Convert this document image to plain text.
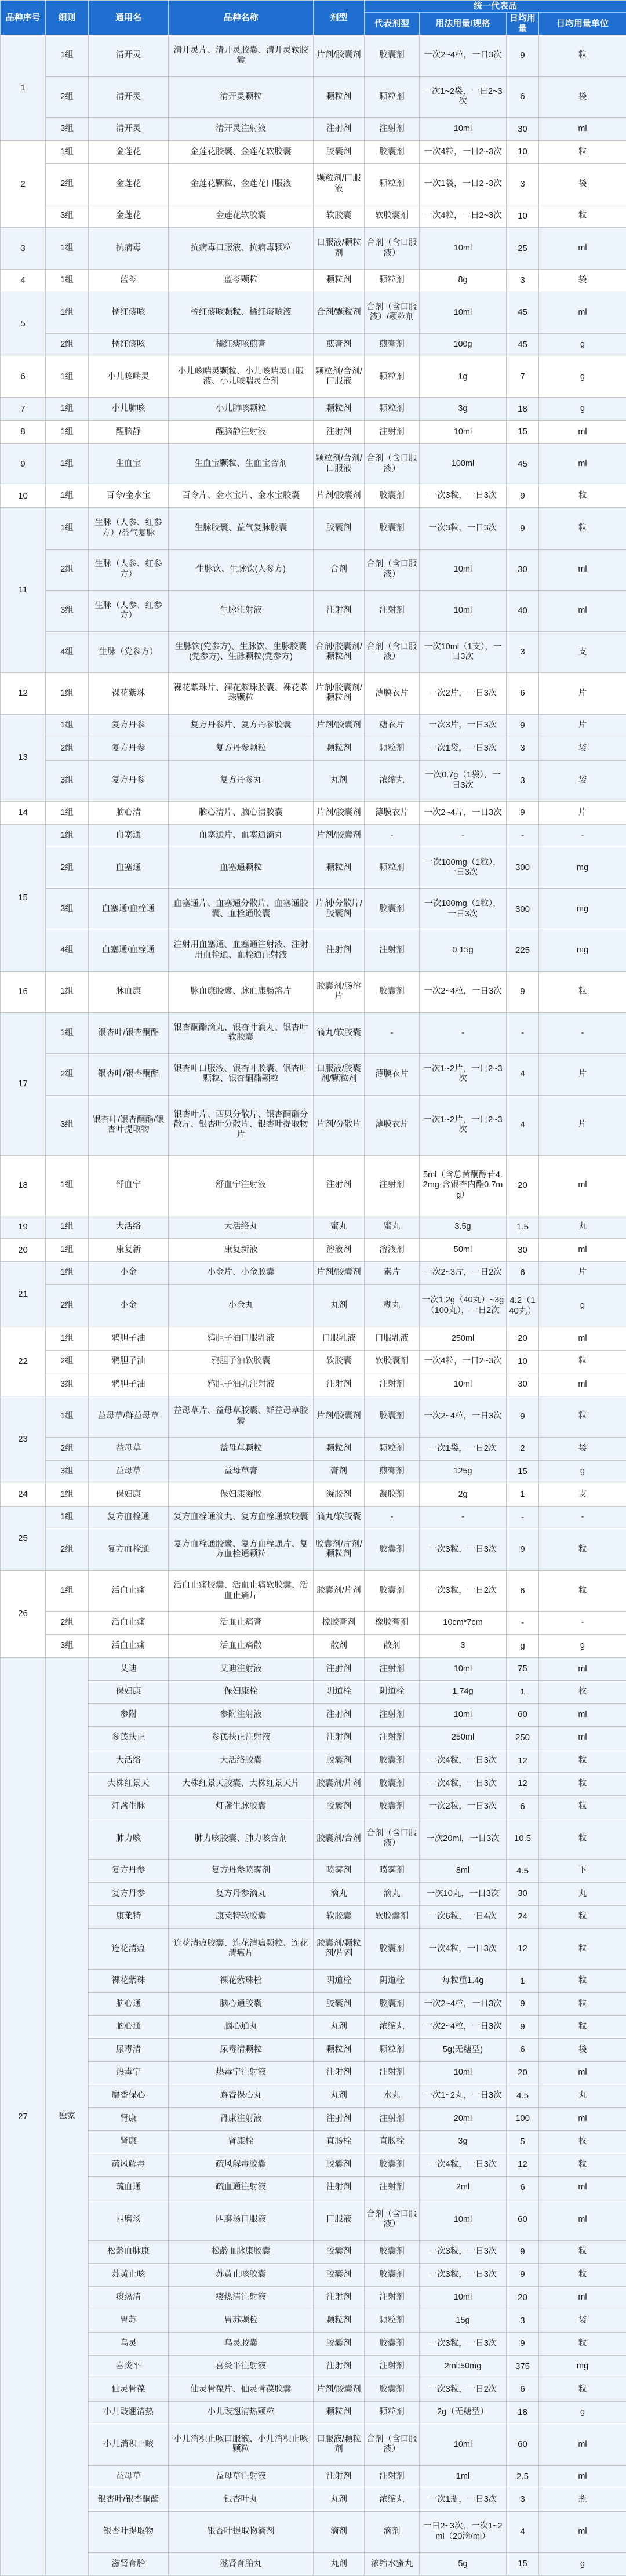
品种序号	细则	通用名	品种名称	剂型	统一代表品			
					代表剂型	用法用量/规格	日均用量	日均用量单位
1	1组	清开灵	清开灵片、清开灵胶囊、清开灵软胶囊	片剂/胶囊剂	胶囊剂	一次2~4粒，一日3次	9	粒
	2组	清开灵	清开灵颗粒	颗粒剂	颗粒剂	一次1~2袋，一日2~3次	6	袋
	3组	清开灵	清开灵注射液	注射剂	注射剂	10ml	30	ml
2	1组	金莲花	金莲花胶囊、金莲花软胶囊	胶囊剂	胶囊剂	一次4粒，一日2~3次	10	粒
	2组	金莲花	金莲花颗粒、金莲花口服液	颗粒剂/口服液	颗粒剂	一次1袋，一日2~3次	3	袋
	3组	金莲花	金莲花软胶囊	软胶囊	软胶囊剂	一次4粒，一日2~3次	10	粒
3	1组	抗病毒	抗病毒口服液、抗病毒颗粒	口服液/颗粒剂	合剂（含口服液）	10ml	25	ml
4	1组	蓝芩	蓝芩颗粒	颗粒剂	颗粒剂	8g	3	袋
5	1组	橘红痰咳	橘红痰咳颗粒、橘红痰咳液	合剂/颗粒剂	合剂（含口服液）/颗粒剂	10ml	45	ml
	2组	橘红痰咳	橘红痰咳煎膏	煎膏剂	煎膏剂	100g	45	g
6	1组	小儿咳喘灵	小儿咳喘灵颗粒、小儿咳喘灵口服液、小儿咳喘灵合剂	颗粒剂/合剂/口服液	颗粒剂	1g	7	g
7	1组	小儿肺咳	小儿肺咳颗粒	颗粒剂	颗粒剂	3g	18	g
8	1组	醒脑静	醒脑静注射液	注射剂	注射剂	10ml	15	ml
9	1组	生血宝	生血宝颗粒、生血宝合剂	颗粒剂/合剂/口服液	合剂（含口服液）	100ml	45	ml
10	1组	百令/金水宝	百令片、金水宝片、金水宝胶囊	片剂/胶囊剂	胶囊剂	一次3粒，一日3次	9	粒
11	1组	生脉（人参、红参方）/益气复脉	生脉胶囊、益气复脉胶囊	胶囊剂	胶囊剂	一次3粒，一日3次	9	粒
	2组	生脉（人参、红参方）	生脉饮、生脉饮(人参方)	合剂	合剂（含口服液）	10ml	30	ml
	3组	生脉（人参、红参方）	生脉注射液	注射剂	注射剂	10ml	40	ml
	4组	生脉（党参方）	生脉饮(党参方)、生脉饮、生脉胶囊(党参方)、生脉颗粒(党参方)	合剂/胶囊剂/颗粒剂	合剂（含口服液）	一次10ml（1支），一日3次	3	支
12	1组	裸花紫珠	裸花紫珠片、裸花紫珠胶囊、裸花紫珠颗粒	片剂/胶囊剂/颗粒剂	薄膜衣片	一次2片，一日3次	6	片
13	1组	复方丹参	复方丹参片、复方丹参胶囊	片剂/胶囊剂	糖衣片	一次3片，一日3次	9	片
	2组	复方丹参	复方丹参颗粒	颗粒剂	颗粒剂	一次1袋，一日3次	3	袋
	3组	复方丹参	复方丹参丸	丸剂	浓缩丸	一次0.7g（1袋），一日3次	3	袋
14	1组	脑心清	脑心清片、脑心清胶囊	片剂/胶囊剂	薄膜衣片	一次2~4片，一日3次	9	片
15	1组	血塞通	血塞通片、血塞通滴丸	片剂/胶囊剂	-	-	-	-
	2组	血塞通	血塞通颗粒	颗粒剂	颗粒剂	一次100mg（1粒），一日3次	300	mg
	3组	血塞通/血栓通	血塞通片、血塞通分散片、血塞通胶囊、血栓通胶囊	片剂/分散片/胶囊剂	胶囊剂	一次100mg（1粒），一日3次	300	mg
	4组	血塞通/血栓通	注射用血塞通、血塞通注射液、注射用血栓通、血栓通注射液	注射剂	注射剂	0.15g	225	mg
16	1组	脉血康	脉血康胶囊、脉血康肠溶片	胶囊剂/肠溶片	胶囊剂	一次2~4粒，一日3次	9	粒
17	1组	银杏叶/银杏酮酯	银杏酮酯滴丸、银杏叶滴丸、银杏叶软胶囊	滴丸/软胶囊	-	-	-	-
	2组	银杏叶/银杏酮酯	银杏叶口服液、银杏叶胶囊、银杏叶颗粒、银杏酮酯颗粒	口服液/胶囊剂/颗粒剂	薄膜衣片	一次1~2片，一日2~3次	4	片
	3组	银杏叶/银杏酮酯/银杏叶提取物	银杏叶片、西贝分散片、银杏酮酯分散片、银杏叶分散片、银杏叶提取物片	片剂/分散片	薄膜衣片	一次1~2片，一日2~3次	4	片
18	1组	舒血宁	舒血宁注射液	注射剂	注射剂	5ml（含总黄酮醇苷4.2mg·含银杏内酯0.7mg）	20	ml
19	1组	大活络	大活络丸	蜜丸	蜜丸	3.5g	1.5	丸
20	1组	康复新	康复新液	溶液剂	溶液剂	50ml	30	ml
21	1组	小金	小金片、小金胶囊	片剂/胶囊剂	素片	一次2~3片，一日2次	6	片
	2组	小金	小金丸	丸剂	糊丸	一次1.2g（40丸）~3g（100丸），一日2次	4.2（140丸）	g
22	1组	鸦胆子油	鸦胆子油口服乳液	口服乳液	口服乳液	250ml	20	ml
	2组	鸦胆子油	鸦胆子油软胶囊	软胶囊	软胶囊剂	一次4粒，一日2~3次	10	粒
	3组	鸦胆子油	鸦胆子油乳注射液	注射剂	注射剂	10ml	30	ml
23	1组	益母草/鲜益母草	益母草片、益母草胶囊、鲜益母草胶囊	片剂/胶囊剂	胶囊剂	一次2~4粒，一日3次	9	粒
	2组	益母草	益母草颗粒	颗粒剂	颗粒剂	一次1袋，一日2次	2	袋
	3组	益母草	益母草膏	膏剂	煎膏剂	125g	15	g
24	1组	保妇康	保妇康凝胶	凝胶剂	凝胶剂	2g	1	支
25	1组	复方血栓通	复方血栓通滴丸、复方血栓通软胶囊	滴丸/软胶囊	-	-	-	-
	2组	复方血栓通	复方血栓通胶囊、复方血栓通片、复方血栓通颗粒	胶囊剂/片剂/颗粒剂	胶囊剂	一次3粒，一日3次	9	粒
26	1组	活血止痛	活血止痛胶囊、活血止痛软胶囊、活血止痛片	胶囊剂/片剂	胶囊剂	一次3粒，一日2次	6	粒
	2组	活血止痛	活血止痛膏	橡胶膏剂	橡胶膏剂	10cm*7cm	-	-
	3组	活血止痛	活血止痛散	散剂	散剂	3	g	g
27	独家	艾迪	艾迪注射液	注射剂	注射剂	10ml	75	ml
		保妇康	保妇康栓	阴道栓	阴道栓	1.74g	1	枚
		参附	参附注射液	注射剂	注射剂	10ml	60	ml
		参芪扶正	参芪扶正注射液	注射剂	注射剂	250ml	250	ml
		大活络	大活络胶囊	胶囊剂	胶囊剂	一次4粒，一日3次	12	粒
		大株红景天	大株红景天胶囊、大株红景天片	胶囊剂/片剂	胶囊剂	一次4粒，一日3次	12	粒
		灯盏生脉	灯盏生脉胶囊	胶囊剂	胶囊剂	一次2粒，一日3次	6	粒
		肺力咳	肺力咳胶囊、肺力咳合剂	胶囊剂/合剂	合剂（含口服液）	一次20ml，一日3次	10.5	粒
		复方丹参	复方丹参喷雾剂	喷雾剂	喷雾剂	8ml	4.5	下
		复方丹参	复方丹参滴丸	滴丸	滴丸	一次10丸，一日3次	30	丸
		康莱特	康莱特软胶囊	软胶囊	软胶囊剂	一次6粒，一日4次	24	粒
		连花清瘟	连花清瘟胶囊、连花清瘟颗粒、连花清瘟片	胶囊剂/颗粒剂/片剂	胶囊剂	一次4粒，一日3次	12	粒
		裸花紫珠	裸花紫珠栓	阴道栓	阴道栓	每粒重1.4g	1	粒
		脑心通	脑心通胶囊	胶囊剂	胶囊剂	一次2~4粒，一日3次	9	粒
		脑心通	脑心通丸	丸剂	浓缩丸	一次2~4粒，一日3次	9	粒
		尿毒清	尿毒清颗粒	颗粒剂	颗粒剂	5g(无糖型)	6	袋
		热毒宁	热毒宁注射液	注射剂	注射剂	10ml	20	ml
		麝香保心	麝香保心丸	丸剂	水丸	一次1~2丸，一日3次	4.5	丸
		肾康	肾康注射液	注射剂	注射剂	20ml	100	ml
		肾康	肾康栓	直肠栓	直肠栓	3g	5	枚
		疏风解毒	疏风解毒胶囊	胶囊剂	胶囊剂	一次4粒，一日3次	12	粒
		疏血通	疏血通注射液	注射剂	注射剂	2ml	6	ml
		四磨汤	四磨汤口服液	口服液	合剂（含口服液）	10ml	60	ml
		松龄血脉康	松龄血脉康胶囊	胶囊剂	胶囊剂	一次3粒，一日3次	9	粒
		苏黄止咳	苏黄止咳胶囊	胶囊剂	胶囊剂	一次3粒，一日3次	9	粒
		痰热清	痰热清注射液	注射剂	注射剂	10ml	20	ml
		胃苏	胃苏颗粒	颗粒剂	颗粒剂	15g	3	袋
		乌灵	乌灵胶囊	胶囊剂	胶囊剂	一次3粒，一日3次	9	粒
		喜炎平	喜炎平注射液	注射剂	注射剂	2ml:50mg	375	mg
		仙灵骨葆	仙灵骨葆片、仙灵骨葆胶囊	片剂/胶囊剂	胶囊剂	一次3粒，一日2次	6	粒
		小儿豉翘清热	小儿豉翘清热颗粒	颗粒剂	颗粒剂	2g（无糖型）	18	g
		小儿消积止咳	小儿消积止咳口服液、小儿消积止咳颗粒	口服液/颗粒剂	合剂（含口服液）	10ml	60	ml
		益母草	益母草注射液	注射剂	注射剂	1ml	2.5	ml
		银杏叶/银杏酮酯	银杏叶丸	丸剂	浓缩丸	一次1瓶，一日3次	3	瓶
		银杏叶提取物	银杏叶提取物滴剂	滴剂	滴剂	一日2~3次，一次1~2ml（20滴/ml）	4	ml
		滋肾育胎	滋肾育胎丸	丸剂	浓缩水蜜丸	5g	15	g
